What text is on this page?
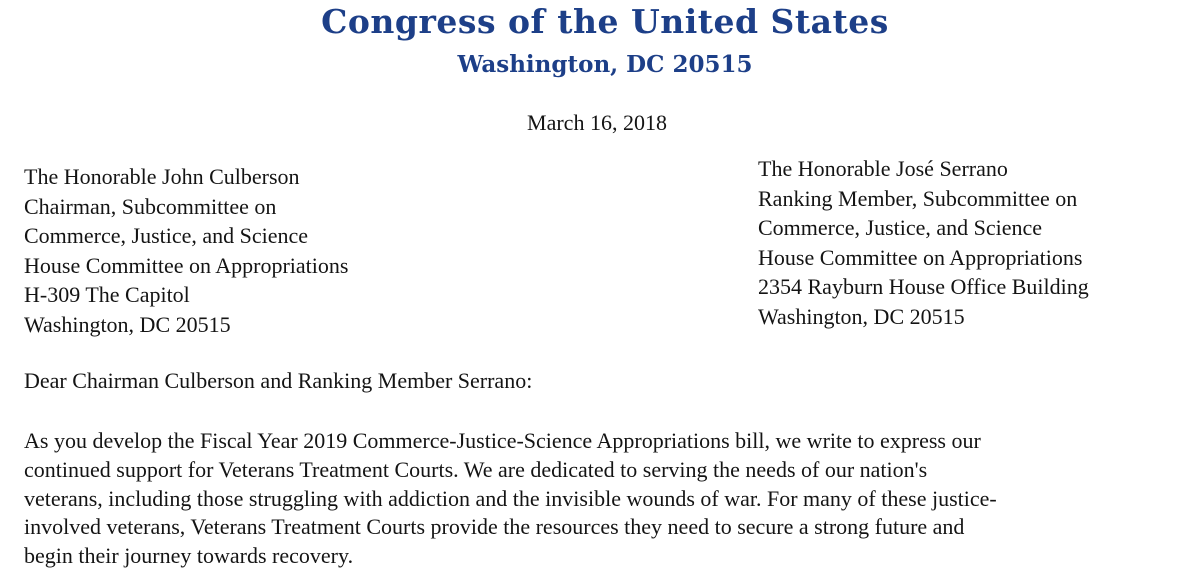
Congress of the United States
Washington, DC 20515
March 16, 2018
The Honorable John Culberson
Chairman, Subcommittee on
Commerce, Justice, and Science
House Committee on Appropriations
H-309 The Capitol
Washington, DC 20515
The Honorable José Serrano
Ranking Member, Subcommittee on
Commerce, Justice, and Science
House Committee on Appropriations
2354 Rayburn House Office Building
Washington, DC 20515
Dear Chairman Culberson and Ranking Member Serrano:
As you develop the Fiscal Year 2019 Commerce-Justice-Science Appropriations bill, we write to express our
continued support for Veterans Treatment Courts. We are dedicated to serving the needs of our nation's
veterans, including those struggling with addiction and the invisible wounds of war. For many of these justice-
involved veterans, Veterans Treatment Courts provide the resources they need to secure a strong future and
begin their journey towards recovery.
